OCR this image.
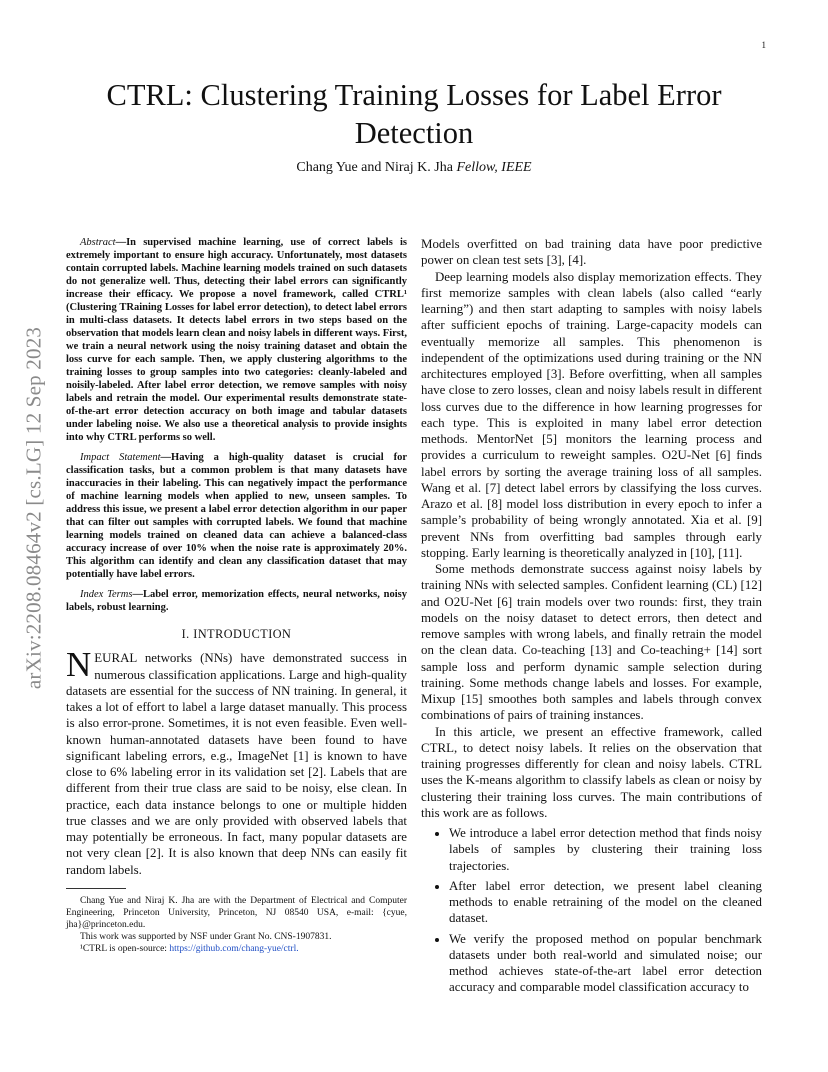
1
arXiv:2208.08464v2 [cs.LG] 12 Sep 2023
CTRL: Clustering Training Losses for Label Error Detection
Chang Yue and Niraj K. Jha Fellow, IEEE

Abstract—In supervised machine learning, use of correct labels is extremely important to ensure high accuracy. Unfortunately, most datasets contain corrupted labels. Machine learning models trained on such datasets do not generalize well. Thus, detecting their label errors can significantly increase their efficacy. We propose a novel framework, called CTRL¹ (Clustering TRaining Losses for label error detection), to detect label errors in multi-class datasets. It detects label errors in two steps based on the observation that models learn clean and noisy labels in different ways. First, we train a neural network using the noisy training dataset and obtain the loss curve for each sample. Then, we apply clustering algorithms to the training losses to group samples into two categories: cleanly-labeled and noisily-labeled. After label error detection, we remove samples with noisy labels and retrain the model. Our experimental results demonstrate state-of-the-art error detection accuracy on both image and tabular datasets under labeling noise. We also use a theoretical analysis to provide insights into why CTRL performs so well.

Impact Statement—Having a high-quality dataset is crucial for classification tasks, but a common problem is that many datasets have inaccuracies in their labeling. This can negatively impact the performance of machine learning models when applied to new, unseen samples. To address this issue, we present a label error detection algorithm in our paper that can filter out samples with corrupted labels. We found that machine learning models trained on cleaned data can achieve a balanced-class accuracy increase of over 10% when the noise rate is approximately 20%. This algorithm can identify and clean any classification dataset that may potentially have label errors.

Index Terms—Label error, memorization effects, neural networks, noisy labels, robust learning.

I. INTRODUCTION

NEURAL networks (NNs) have demonstrated success in numerous classification applications. Large and high-quality datasets are essential for the success of NN training. In general, it takes a lot of effort to label a large dataset manually. This process is also error-prone. Sometimes, it is not even feasible. Even well-known human-annotated datasets have been found to have significant labeling errors, e.g., ImageNet [1] is known to have close to 6% labeling error in its validation set [2]. Labels that are different from their true class are said to be noisy, else clean. In practice, each data instance belongs to one or multiple hidden true classes and we are only provided with observed labels that may potentially be erroneous. In fact, many popular datasets are not very clean [2]. It is also known that deep NNs can easily fit random labels.

Chang Yue and Niraj K. Jha are with the Department of Electrical and Computer Engineering, Princeton University, Princeton, NJ 08540 USA, e-mail: {cyue, jha}@princeton.edu.

This work was supported by NSF under Grant No. CNS-1907831.

¹CTRL is open-source: https://github.com/chang-yue/ctrl.

Models overfitted on bad training data have poor predictive power on clean test sets [3], [4].

Deep learning models also display memorization effects. They first memorize samples with clean labels (also called “early learning”) and then start adapting to samples with noisy labels after sufficient epochs of training. Large-capacity models can eventually memorize all samples. This phenomenon is independent of the optimizations used during training or the NN architectures employed [3]. Before overfitting, when all samples have close to zero losses, clean and noisy labels result in different loss curves due to the difference in how learning progresses for each type. This is exploited in many label error detection methods. MentorNet [5] monitors the learning process and provides a curriculum to reweight samples. O2U-Net [6] finds label errors by sorting the average training loss of all samples. Wang et al. [7] detect label errors by classifying the loss curves. Arazo et al. [8] model loss distribution in every epoch to infer a sample’s probability of being wrongly annotated. Xia et al. [9] prevent NNs from overfitting bad samples through early stopping. Early learning is theoretically analyzed in [10], [11].

Some methods demonstrate success against noisy labels by training NNs with selected samples. Confident learning (CL) [12] and O2U-Net [6] train models over two rounds: first, they train models on the noisy dataset to detect errors, then detect and remove samples with wrong labels, and finally retrain the model on the clean data. Co-teaching [13] and Co-teaching+ [14] sort sample loss and perform dynamic sample selection during training. Some methods change labels and losses. For example, Mixup [15] smoothes both samples and labels through convex combinations of pairs of training instances.

In this article, we present an effective framework, called CTRL, to detect noisy labels. It relies on the observation that training progresses differently for clean and noisy labels. CTRL uses the K-means algorithm to classify labels as clean or noisy by clustering their training loss curves. The main contributions of this work are as follows.

• We introduce a label error detection method that finds noisy labels of samples by clustering their training loss trajectories.
• After label error detection, we present label cleaning methods to enable retraining of the model on the cleaned dataset.
• We verify the proposed method on popular benchmark datasets under both real-world and simulated noise; our method achieves state-of-the-art label error detection accuracy and comparable model classification accuracy to
